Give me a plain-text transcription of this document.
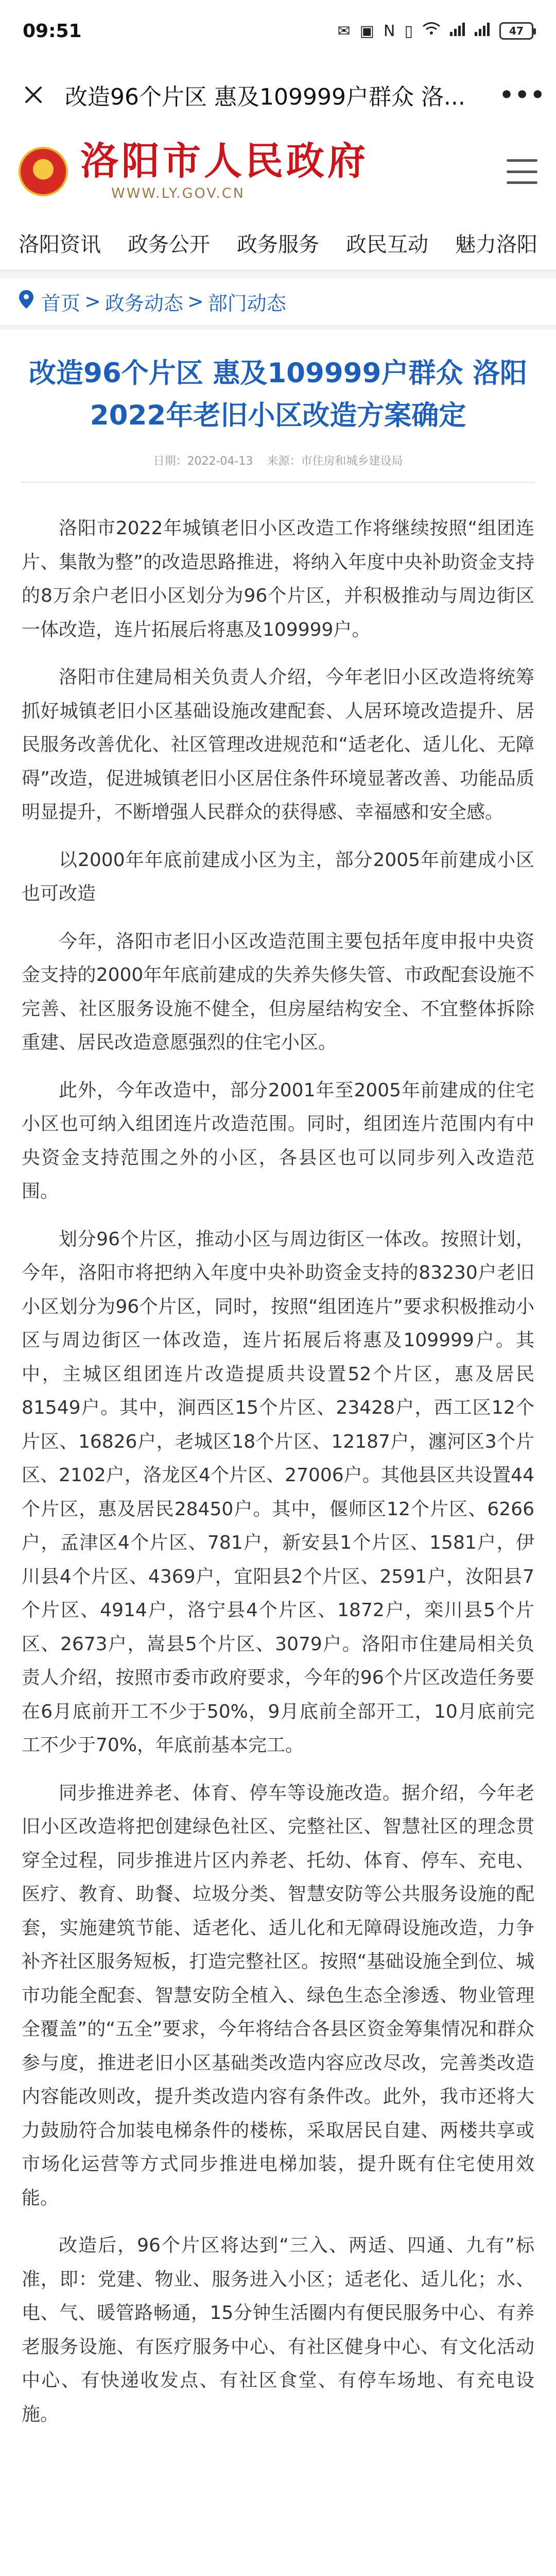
09:51	✉ ▣ N ▯	47
改造96个片区 惠及109999户群众 洛...	•••
洛阳市人民政府
WWW.LY.GOV.CN
洛阳资讯 政务公开 政务服务 政民互动 魅力洛阳
首页 > 政务动态 > 部门动态
改造96个片区 惠及109999户群众 洛阳2022年老旧小区改造方案确定
日期：2022-04-13 来源：市住房和城乡建设局

洛阳市2022年城镇老旧小区改造工作将继续按照“组团连片、集散为整”的改造思路推进，将纳入年度中央补助资金支持的8万余户老旧小区划分为96个片区，并积极推动与周边街区一体改造，连片拓展后将惠及109999户。

洛阳市住建局相关负责人介绍，今年老旧小区改造将统筹抓好城镇老旧小区基础设施改建配套、人居环境改造提升、居民服务改善优化、社区管理改进规范和“适老化、适儿化、无障碍”改造，促进城镇老旧小区居住条件环境显著改善、功能品质明显提升，不断增强人民群众的获得感、幸福感和安全感。

以2000年年底前建成小区为主，部分2005年前建成小区也可改造

今年，洛阳市老旧小区改造范围主要包括年度申报中央资金支持的2000年年底前建成的失养失修失管、市政配套设施不完善、社区服务设施不健全，但房屋结构安全、不宜整体拆除重建、居民改造意愿强烈的住宅小区。

此外，今年改造中，部分2001年至2005年前建成的住宅小区也可纳入组团连片改造范围。同时，组团连片范围内有中央资金支持范围之外的小区，各县区也可以同步列入改造范围。

划分96个片区，推动小区与周边街区一体改。按照计划，今年，洛阳市将把纳入年度中央补助资金支持的83230户老旧小区划分为96个片区，同时，按照“组团连片”要求积极推动小区与周边街区一体改造，连片拓展后将惠及109999户。其中，主城区组团连片改造提质共设置52个片区，惠及居民81549户。其中，涧西区15个片区、23428户，西工区12个片区、16826户，老城区18个片区、12187户，瀍河区3个片区、2102户，洛龙区4个片区、27006户。其他县区共设置44个片区，惠及居民28450户。其中，偃师区12个片区、6266户，孟津区4个片区、781户，新安县1个片区、1581户，伊川县4个片区、4369户，宜阳县2个片区、2591户，汝阳县7个片区、4914户，洛宁县4个片区、1872户，栾川县5个片区、2673户，嵩县5个片区、3079户。洛阳市住建局相关负责人介绍，按照市委市政府要求，今年的96个片区改造任务要在6月底前开工不少于50%，9月底前全部开工，10月底前完工不少于70%，年底前基本完工。

同步推进养老、体育、停车等设施改造。据介绍，今年老旧小区改造将把创建绿色社区、完整社区、智慧社区的理念贯穿全过程，同步推进片区内养老、托幼、体育、停车、充电、医疗、教育、助餐、垃圾分类、智慧安防等公共服务设施的配套，实施建筑节能、适老化、适儿化和无障碍设施改造，力争补齐社区服务短板，打造完整社区。按照“基础设施全到位、城市功能全配套、智慧安防全植入、绿色生态全渗透、物业管理全覆盖”的“五全”要求，今年将结合各县区资金筹集情况和群众参与度，推进老旧小区基础类改造内容应改尽改，完善类改造内容能改则改，提升类改造内容有条件改。此外，我市还将大力鼓励符合加装电梯条件的楼栋，采取居民自建、两楼共享或市场化运营等方式同步推进电梯加装，提升既有住宅使用效能。

改造后，96个片区将达到“三入、两适、四通、九有”标准，即：党建、物业、服务进入小区；适老化、适儿化；水、电、气、暖管路畅通，15分钟生活圈内有便民服务中心、有养老服务设施、有医疗服务中心、有社区健身中心、有文化活动中心、有快递收发点、有社区食堂、有停车场地、有充电设施。
